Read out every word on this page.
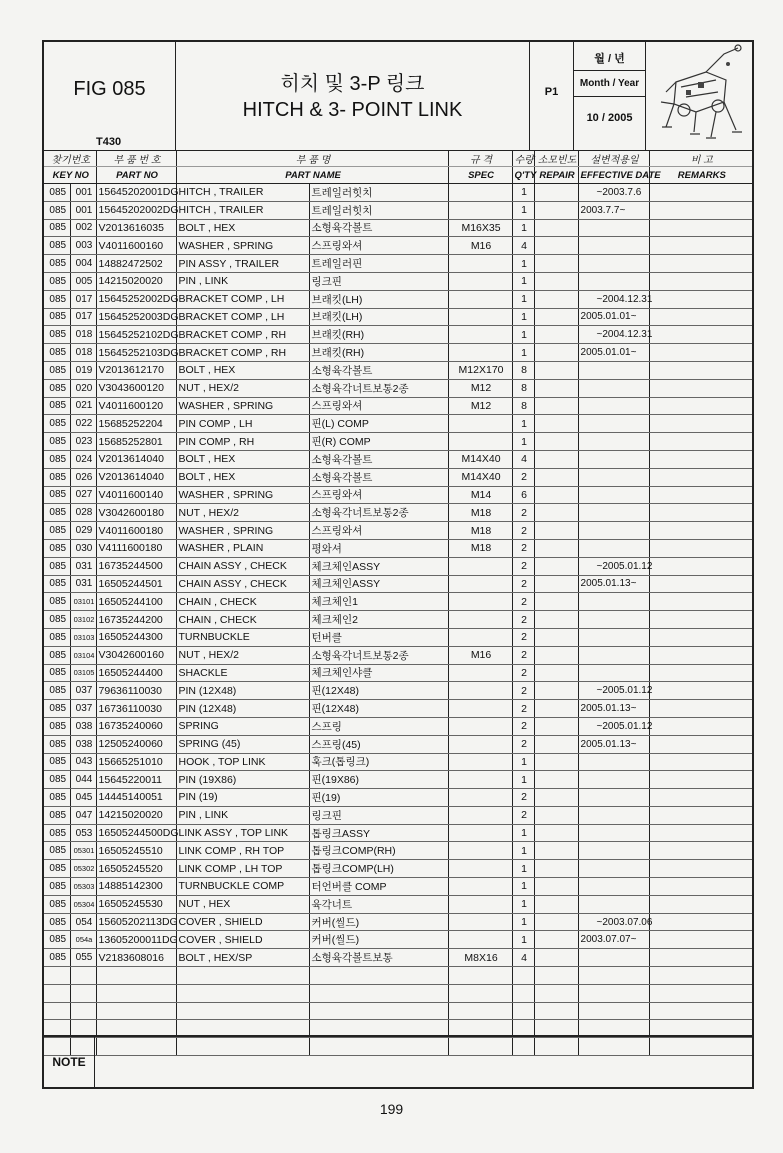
FIG 085
T430
히치 및 3-P 링크
HITCH & 3- POINT LINK
P1
월 / 년
Month / Year
10 / 2005
찾기번호		부 품 번 호	부 품 명		규 격	수량	소모빈도	설변적용일	비 고
KEY NO		PART NO	PART NAME		SPEC	Q'TY	REPAIR	EFFECTIVE DATE	REMARKS
085	001	15645202001DG	HITCH , TRAILER	트레일러힛치		1		~2003.7.6	
085	001	15645202002DG	HITCH , TRAILER	트레일러힛치		1		2003.7.7~	
085	002	V2013616035	BOLT , HEX	소형육각볼트	M16X35	1			
085	003	V4011600160	WASHER , SPRING	스프링와셔	M16	4			
085	004	14882472502	PIN ASSY , TRAILER	트레일러핀		1			
085	005	14215020020	PIN , LINK	링크핀		1			
085	017	15645252002DG	BRACKET COMP , LH	브래킷(LH)		1		~2004.12.31	
085	017	15645252003DG	BRACKET COMP , LH	브래킷(LH)		1		2005.01.01~	
085	018	15645252102DG	BRACKET COMP , RH	브래킷(RH)		1		~2004.12.31	
085	018	15645252103DG	BRACKET COMP , RH	브래킷(RH)		1		2005.01.01~	
085	019	V2013612170	BOLT , HEX	소형육각볼트	M12X170	8			
085	020	V3043600120	NUT , HEX/2	소형육각너트보통2종	M12	8			
085	021	V4011600120	WASHER , SPRING	스프링와셔	M12	8			
085	022	15685252204	PIN COMP , LH	핀(L) COMP		1			
085	023	15685252801	PIN COMP , RH	핀(R) COMP		1			
085	024	V2013614040	BOLT , HEX	소형육각볼트	M14X40	4			
085	026	V2013614040	BOLT , HEX	소형육각볼트	M14X40	2			
085	027	V4011600140	WASHER , SPRING	스프링와셔	M14	6			
085	028	V3042600180	NUT , HEX/2	소형육각너트보통2종	M18	2			
085	029	V4011600180	WASHER , SPRING	스프링와셔	M18	2			
085	030	V4111600180	WASHER , PLAIN	평와셔	M18	2			
085	031	16735244500	CHAIN ASSY , CHECK	체크체인ASSY		2		~2005.01.12	
085	031	16505244501	CHAIN ASSY , CHECK	체크체인ASSY		2		2005.01.13~	
085	03101	16505244100	CHAIN , CHECK	체크체인1		2			
085	03102	16735244200	CHAIN , CHECK	체크체인2		2			
085	03103	16505244300	TURNBUCKLE	턴버클		2			
085	03104	V3042600160	NUT , HEX/2	소형육각너트보통2종	M16	2			
085	03105	16505244400	SHACKLE	체크체인샤클		2			
085	037	79636110030	PIN (12X48)	핀(12X48)		2		~2005.01.12	
085	037	16736110030	PIN (12X48)	핀(12X48)		2		2005.01.13~	
085	038	16735240060	SPRING	스프링		2		~2005.01.12	
085	038	12505240060	SPRING (45)	스프링(45)		2		2005.01.13~	
085	043	15665251010	HOOK , TOP LINK	훅크(톱링크)		1			
085	044	15645220011	PIN (19X86)	핀(19X86)		1			
085	045	14445140051	PIN (19)	핀(19)		2			
085	047	14215020020	PIN , LINK	링크핀		2			
085	053	16505244500DG	LINK ASSY , TOP LINK	톱링크ASSY		1			
085	05301	16505245510	LINK COMP , RH TOP	톱링크COMP(RH)		1			
085	05302	16505245520	LINK COMP , LH TOP	톱링크COMP(LH)		1			
085	05303	14885142300	TURNBUCKLE COMP	터언버클 COMP		1			
085	05304	16505245530	NUT , HEX	육각너트		1			
085	054	15605202113DG	COVER , SHIELD	커버(씰드)		1		~2003.07.06	
085	054a	13605200011DG	COVER , SHIELD	커버(씰드)		1		2003.07.07~	
085	055	V2183608016	BOLT , HEX/SP	소형육각볼트보통	M8X16	4			

NOTE
199
